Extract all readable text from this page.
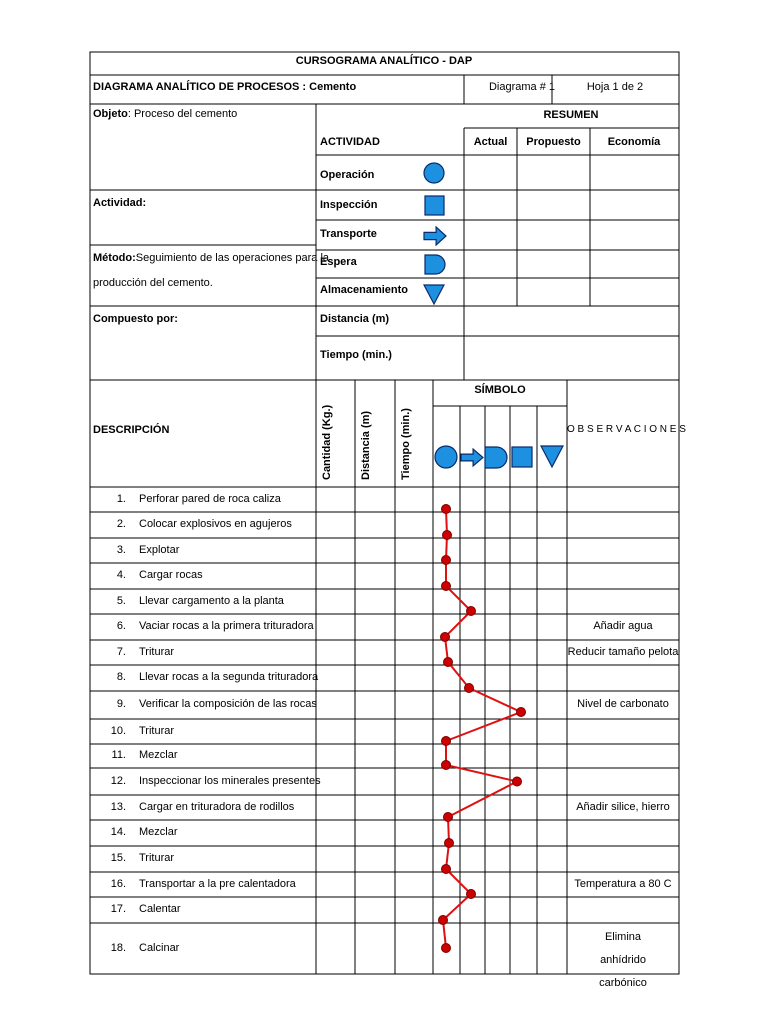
CURSOGRAMA ANALÍTICO - DAP
DIAGRAMA ANALÍTICO DE PROCESOS : Cemento	Diagrama # 1	Hoja 1 de 2
Objeto: Proceso del cemento
Actividad:
Método:Seguimiento de las operaciones para la
producción del cemento.
Compuesto por:
RESUMEN
ACTIVIDAD	Actual	Propuesto	Economía
Operación
Inspección
Transporte
Espera
Almacenamiento
Distancia (m)
Tiempo (min.)
DESCRIPCIÓN	Cantidad (Kg.) Distancia (m)	Tiempo (min.)
SÍMBOLO
O B S E R V A C I O N E S
1. Perforar pared de roca caliza
2. Colocar explosivos en agujeros
3. Explotar
4. Cargar rocas
5. Llevar cargamento a la planta
6. Vaciar rocas a la primera trituradora	Añadir agua
7. Triturar	Reducir tamaño pelota
8. Llevar rocas a la segunda trituradora
9. Verificar la composición de las rocas	Nivel de carbonato
10. Triturar
11. Mezclar
12. Inspeccionar los minerales presentes
13. Cargar en trituradora de rodillos	Añadir silice, hierro
14. Mezclar
15. Triturar
16. Transportar a la pre calentadora	Temperatura a 80 C
17. Calentar
18. Calcinar
Elimina anhídrido carbónico
